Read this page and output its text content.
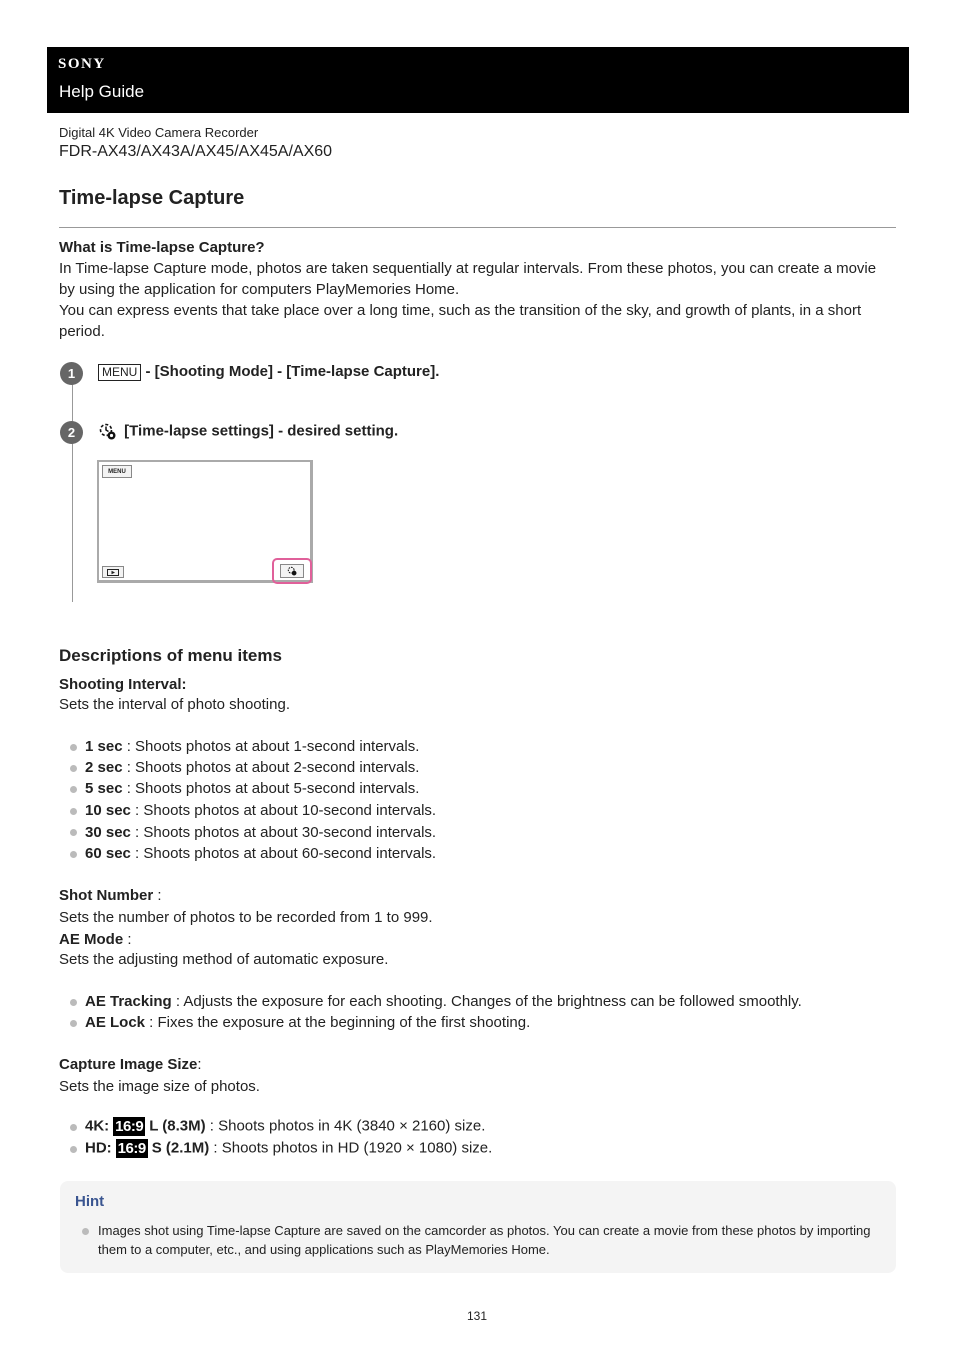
SONY
Help Guide
Digital 4K Video Camera Recorder
FDR-AX43/AX43A/AX45/AX45A/AX60
Time-lapse Capture
What is Time-lapse Capture?
In Time-lapse Capture mode, photos are taken sequentially at regular intervals. From these photos, you can create a movie by using the application for computers PlayMemories Home.
You can express events that take place over a long time, such as the transition of the sky, and growth of plants, in a short period.
1	MENU - [Shooting Mode] - [Time-lapse Capture].
2	[Time-lapse settings] - desired setting.
MENU
Descriptions of menu items
Shooting Interval:
Sets the interval of photo shooting.
1 sec : Shoots photos at about 1-second intervals.
2 sec : Shoots photos at about 2-second intervals.
5 sec : Shoots photos at about 5-second intervals.
10 sec : Shoots photos at about 10-second intervals.
30 sec : Shoots photos at about 30-second intervals.
60 sec : Shoots photos at about 60-second intervals.
Shot Number :
Sets the number of photos to be recorded from 1 to 999.
AE Mode :
Sets the adjusting method of automatic exposure.
AE Tracking : Adjusts the exposure for each shooting. Changes of the brightness can be followed smoothly.
AE Lock : Fixes the exposure at the beginning of the first shooting.
Capture Image Size:
Sets the image size of photos.
4K: 16:9 L (8.3M) : Shoots photos in 4K (3840 × 2160) size.
HD: 16:9 S (2.1M) : Shoots photos in HD (1920 × 1080) size.
Hint
Images shot using Time-lapse Capture are saved on the camcorder as photos. You can create a movie from these photos by importing them to a computer, etc., and using applications such as PlayMemories Home.
131
